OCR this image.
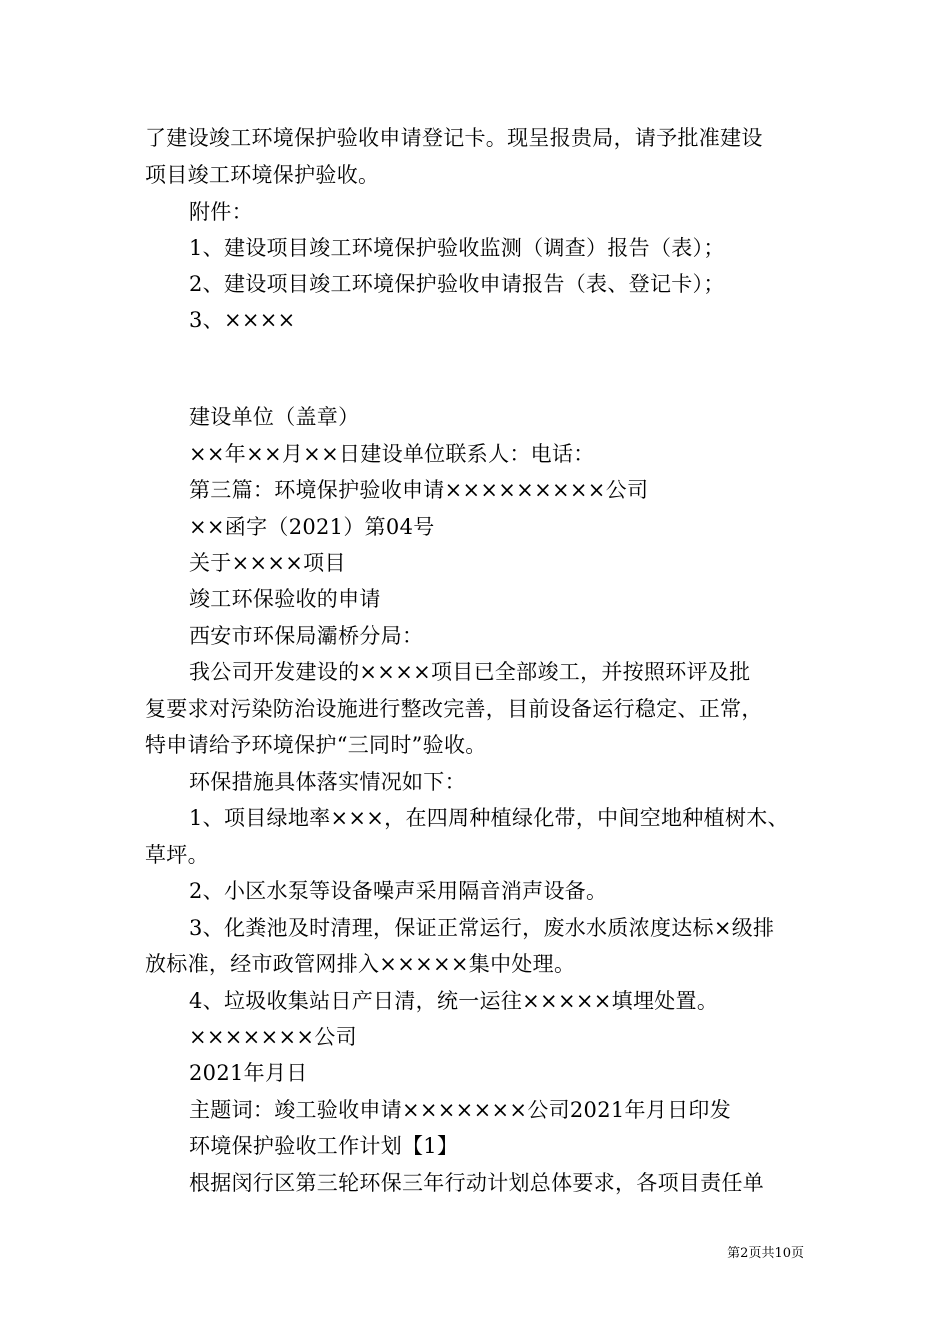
了建设竣工环境保护验收申请登记卡。现呈报贵局，请予批准建设
项目竣工环境保护验收。
附件：
1、建设项目竣工环境保护验收监测（调查）报告（表）；
2、建设项目竣工环境保护验收申请报告（表、登记卡）；
3、××××
建设单位（盖章）
××年××月××日建设单位联系人：电话：
第三篇：环境保护验收申请×××××××××公司
××函字（2021）第04号
关于××××项目
竣工环保验收的申请
西安市环保局灞桥分局：
我公司开发建设的××××项目已全部竣工，并按照环评及批
复要求对污染防治设施进行整改完善，目前设备运行稳定、正常，
特申请给予环境保护“三同时”验收。
环保措施具体落实情况如下：
1、项目绿地率×××，在四周种植绿化带，中间空地种植树木、
草坪。
2、小区水泵等设备噪声采用隔音消声设备。
3、化粪池及时清理，保证正常运行，废水水质浓度达标×级排
放标准，经市政管网排入×××××集中处理。
4、垃圾收集站日产日清，统一运往×××××填埋处置。
×××××××公司
2021年月日
主题词：竣工验收申请×××××××公司2021年月日印发
环境保护验收工作计划【1】
根据闵行区第三轮环保三年行动计划总体要求，各项目责任单
第2页共10页
